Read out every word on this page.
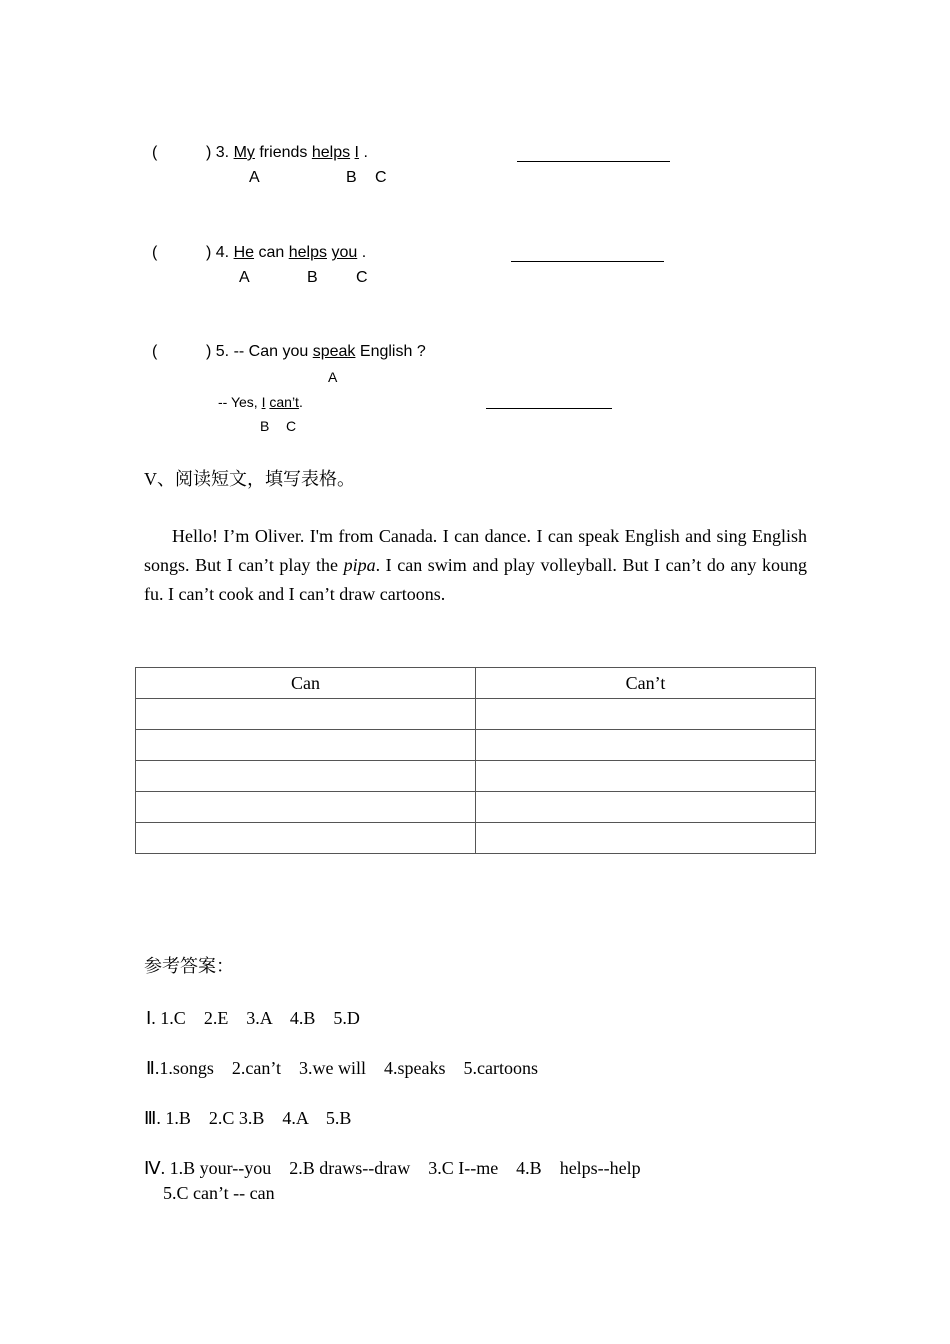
(	) 3. My friends helps I .
A	B C
(	) 4. He can helps you .
A	B C
(	) 5. -- Can you speak English ?
A
-- Yes, I can’t.
B C
V、阅读短文，填写表格。

Hello! I’m Oliver. I'm from Canada. I can dance. I can speak English and sing English songs. But I can’t play the pipa. I can swim and play volleyball. But I can’t do any koung fu. I can’t cook and I can’t draw cartoons.

Can	Can’t

参考答案：
Ⅰ. 1.C    2.E    3.A    4.B    5.D
Ⅱ.1.songs    2.can’t    3.we will    4.speaks    5.cartoons
Ⅲ. 1.B    2.C 3.B    4.A    5.B
Ⅳ. 1.B your--you    2.B draws--draw    3.C I--me    4.B    helps--help
5.C can’t -- can
